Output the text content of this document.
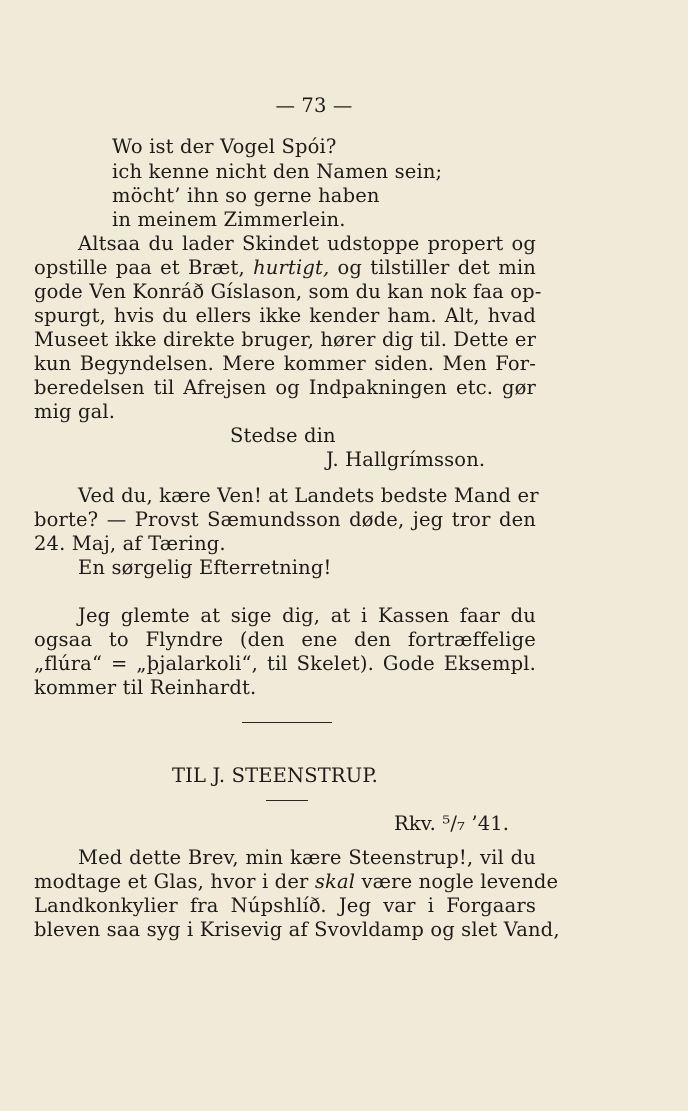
— 73 —
Wo ist der Vogel Spói?
ich kenne nicht den Namen sein;
möcht’ ihn so gerne haben
in meinem Zimmerlein.
Altsaa du lader Skindet udstoppe propert og
opstille paa et Bræt, hurtigt, og tilstiller det min
gode Ven Konráð Gíslason, som du kan nok faa op-
spurgt, hvis du ellers ikke kender ham. Alt, hvad
Museet ikke direkte bruger, hører dig til. Dette er
kun Begyndelsen. Mere kommer siden. Men For-
beredelsen til Afrejsen og Indpakningen etc. gør
mig gal.
Stedse din
J. Hallgrímsson.
Ved du, kære Ven! at Landets bedste Mand er
borte? — Provst Sæmundsson døde, jeg tror den
24. Maj, af Tæring.
En sørgelig Efterretning!
Jeg glemte at sige dig, at i Kassen faar du
ogsaa to Flyndre (den ene den fortræffelige
„flúra“ = „þjalarkoli“, til Skelet). Gode Eksempl.
kommer til Reinhardt.
TIL J. STEENSTRUP.
Rkv. ⁵/₇ ’41.
Med dette Brev, min kære Steenstrup!, vil du
modtage et Glas, hvor i der skal være nogle levende
Landkonkylier fra Núpshlíð. Jeg var i Forgaars
bleven saa syg i Krisevig af Svovldamp og slet Vand,
